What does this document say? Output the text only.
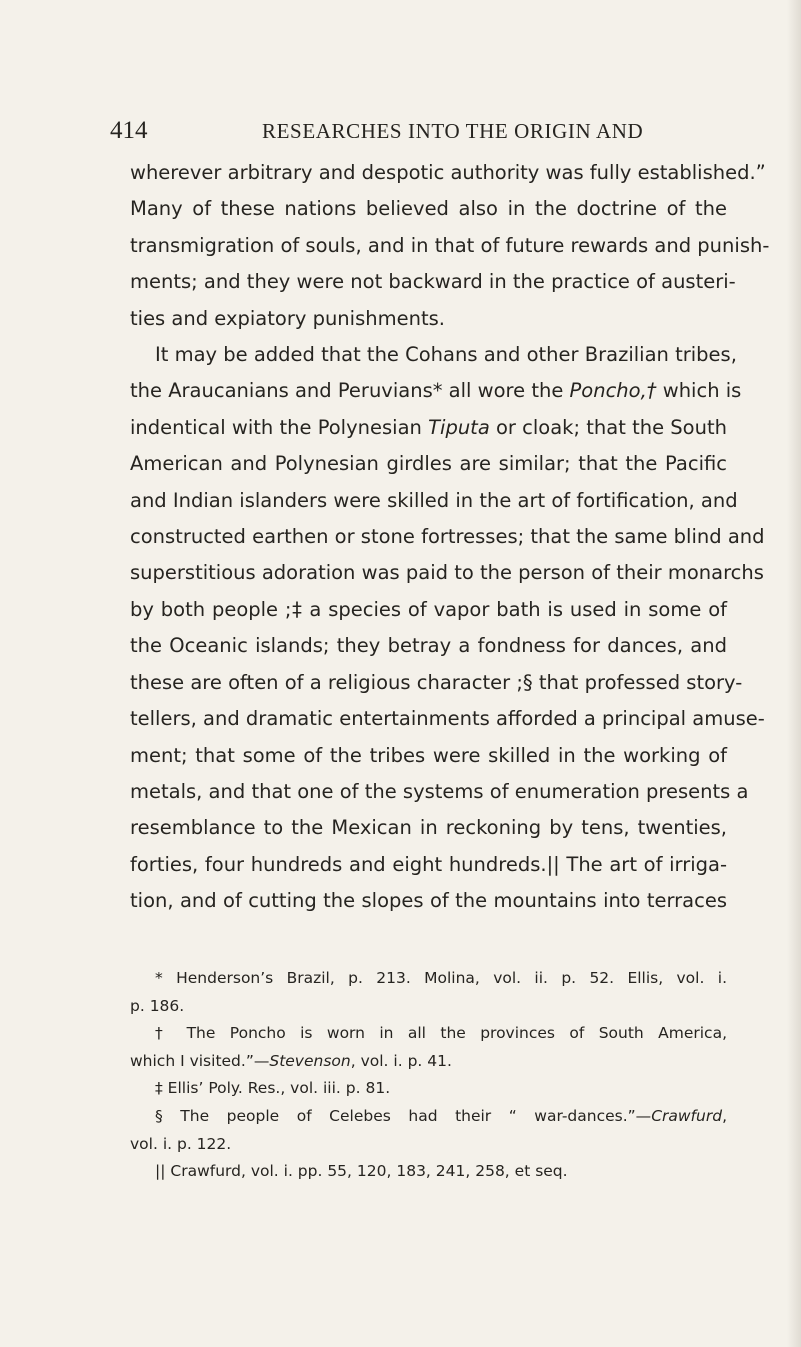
414	RESEARCHES INTO THE ORIGIN AND
wherever arbitrary and despotic authority was fully established.”
Many of these nations believed also in the doctrine of the
transmigration of souls, and in that of future rewards and punish-
ments; and they were not backward in the practice of austeri-
ties and expiatory punishments.
It may be added that the Cohans and other Brazilian tribes,
the Araucanians and Peruvians* all wore the Poncho,† which is
indentical with the Polynesian Tiputa or cloak; that the South
American and Polynesian girdles are similar; that the Pacific
and Indian islanders were skilled in the art of fortification, and
constructed earthen or stone fortresses; that the same blind and
superstitious adoration was paid to the person of their monarchs
by both people ;‡ a species of vapor bath is used in some of
the Oceanic islands; they betray a fondness for dances, and
these are often of a religious character ;§ that professed story-
tellers, and dramatic entertainments afforded a principal amuse-
ment; that some of the tribes were skilled in the working of
metals, and that one of the systems of enumeration presents a
resemblance to the Mexican in reckoning by tens, twenties,
forties, four hundreds and eight hundreds.|| The art of irriga-
tion, and of cutting the slopes of the mountains into terraces
* Henderson’s Brazil, p. 213. Molina, vol. ii. p. 52. Ellis, vol. i.
p. 186.
† The Poncho is worn in all the provinces of South America,
which I visited.”—Stevenson, vol. i. p. 41.
‡ Ellis’ Poly. Res., vol. iii. p. 81.
§ The people of Celebes had their “ war-dances.”—Crawfurd,
vol. i. p. 122.
|| Crawfurd, vol. i. pp. 55, 120, 183, 241, 258, et seq.
